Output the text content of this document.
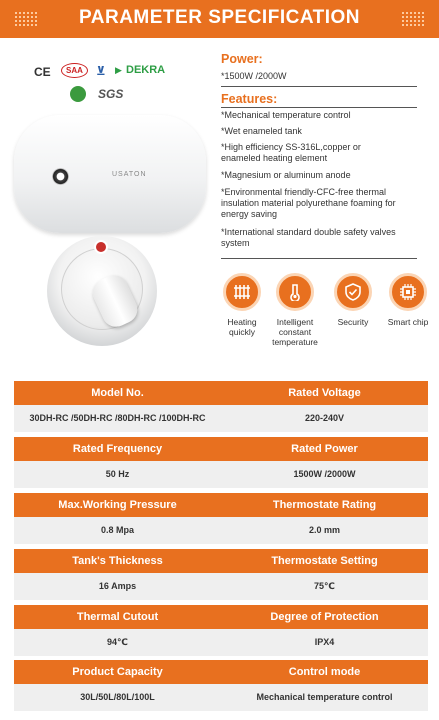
PARAMETER SPECIFICATION
CE	SAA	⊻ ▶ DEKRA
SGS
USATON
Power:
*1500W /2000W
Features:
*Mechanical temperature control
*Wet enameled tank
*High efficiency SS-316L,copper or enameled heating element
*Magnesium or aluminum anode
*Environmental friendly-CFC-free thermal insulation material polyurethane foaming for energy saving
*International standard double safety valves system
Heating quickly
Intelligent constant temperature
Security	Smart chip
Model No.	Rated Voltage
30DH-RC /50DH-RC /80DH-RC /100DH-RC	220-240V
Rated Frequency	Rated Power
50 Hz	1500W /2000W
Max.Working Pressure	Thermostate Rating
0.8 Mpa	2.0 mm
Tank's Thickness	Thermostate Setting
16 Amps	75℃
Thermal Cutout	Degree of Protection
94℃	IPX4
Product Capacity	Control mode
30L/50L/80L/100L	Mechanical temperature control
